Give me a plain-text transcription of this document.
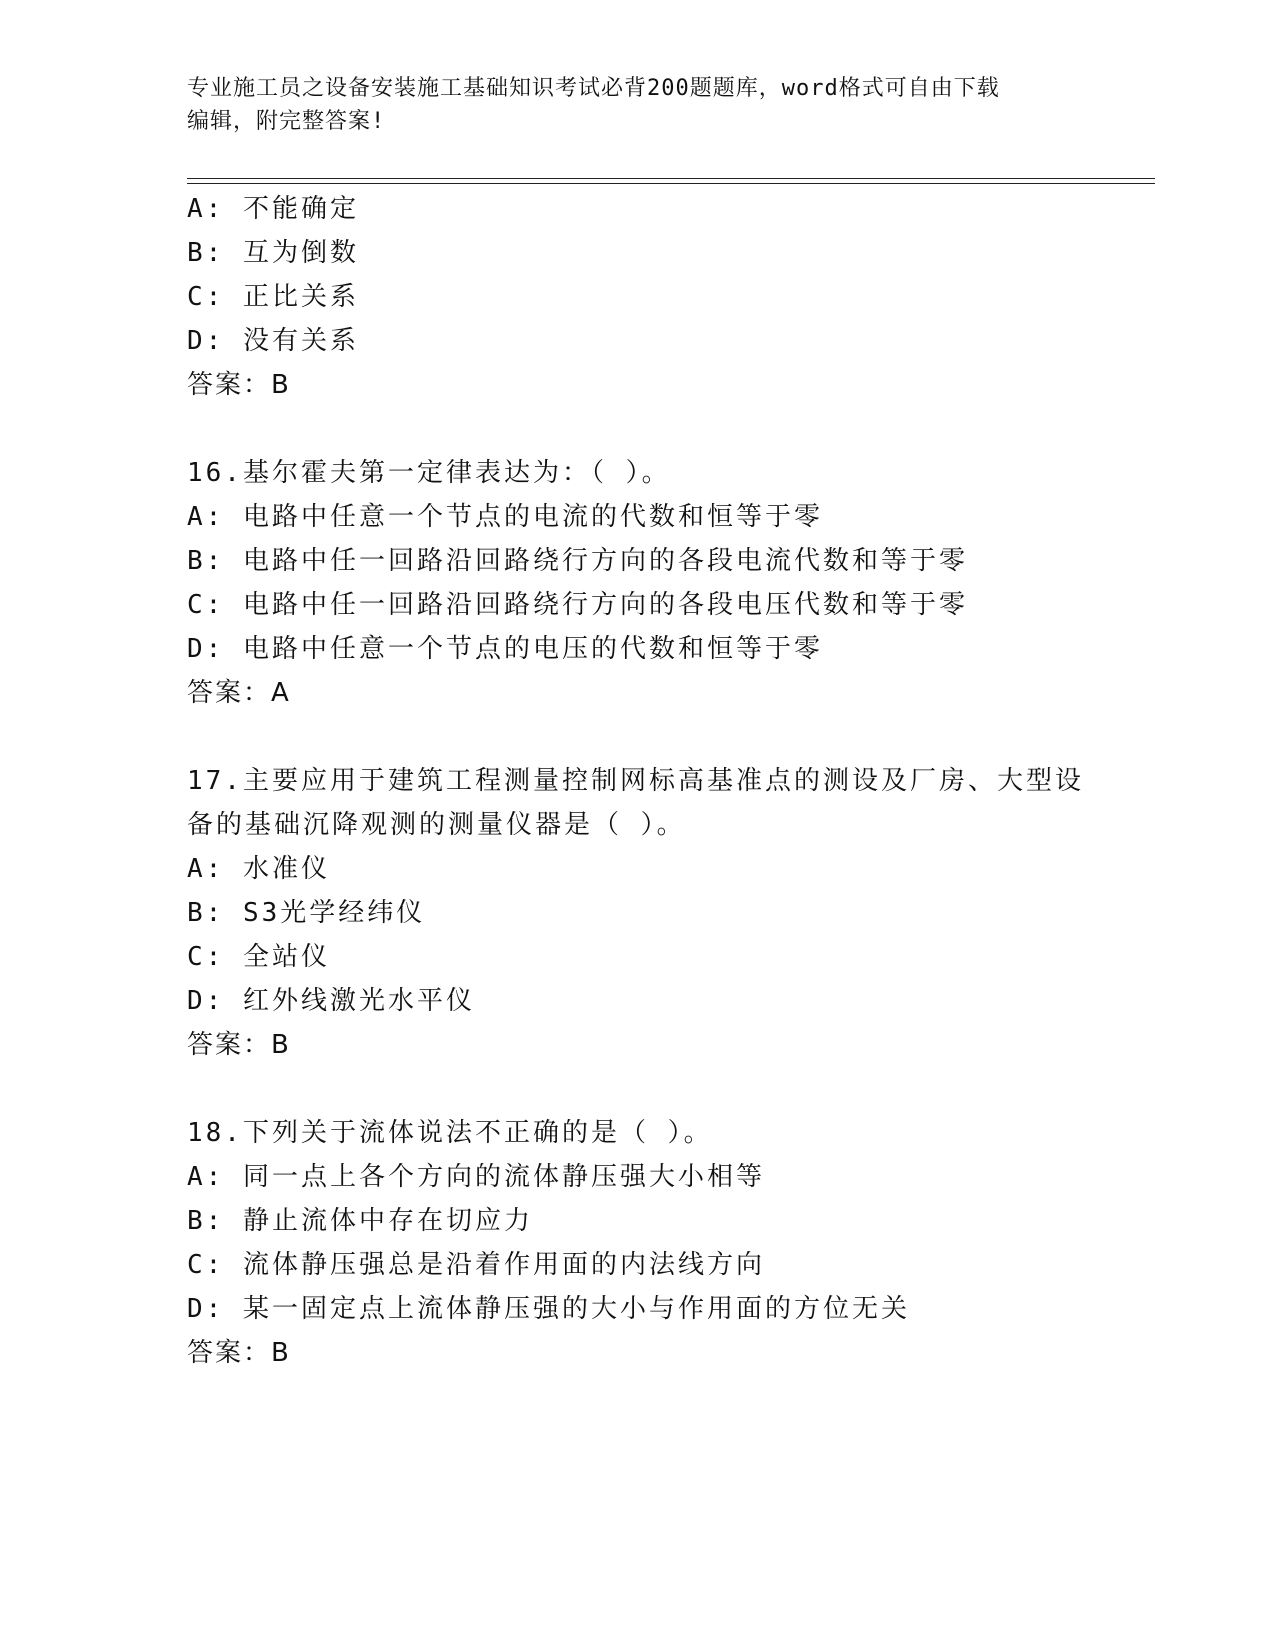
专业施工员之设备安装施工基础知识考试必背200题题库，word格式可自由下载
编辑，附完整答案!
A: 不能确定
B: 互为倒数
C: 正比关系
D: 没有关系
答案：B
16.基尔霍夫第一定律表达为：（ ）。
A: 电路中任意一个节点的电流的代数和恒等于零
B: 电路中任一回路沿回路绕行方向的各段电流代数和等于零
C: 电路中任一回路沿回路绕行方向的各段电压代数和等于零
D: 电路中任意一个节点的电压的代数和恒等于零
答案：A
17.主要应用于建筑工程测量控制网标高基准点的测设及厂房、大型设
备的基础沉降观测的测量仪器是（ ）。
A: 水准仪
B: S3光学经纬仪
C: 全站仪
D: 红外线激光水平仪
答案：B
18.下列关于流体说法不正确的是（ ）。
A: 同一点上各个方向的流体静压强大小相等
B: 静止流体中存在切应力
C: 流体静压强总是沿着作用面的内法线方向
D: 某一固定点上流体静压强的大小与作用面的方位无关
答案：B
